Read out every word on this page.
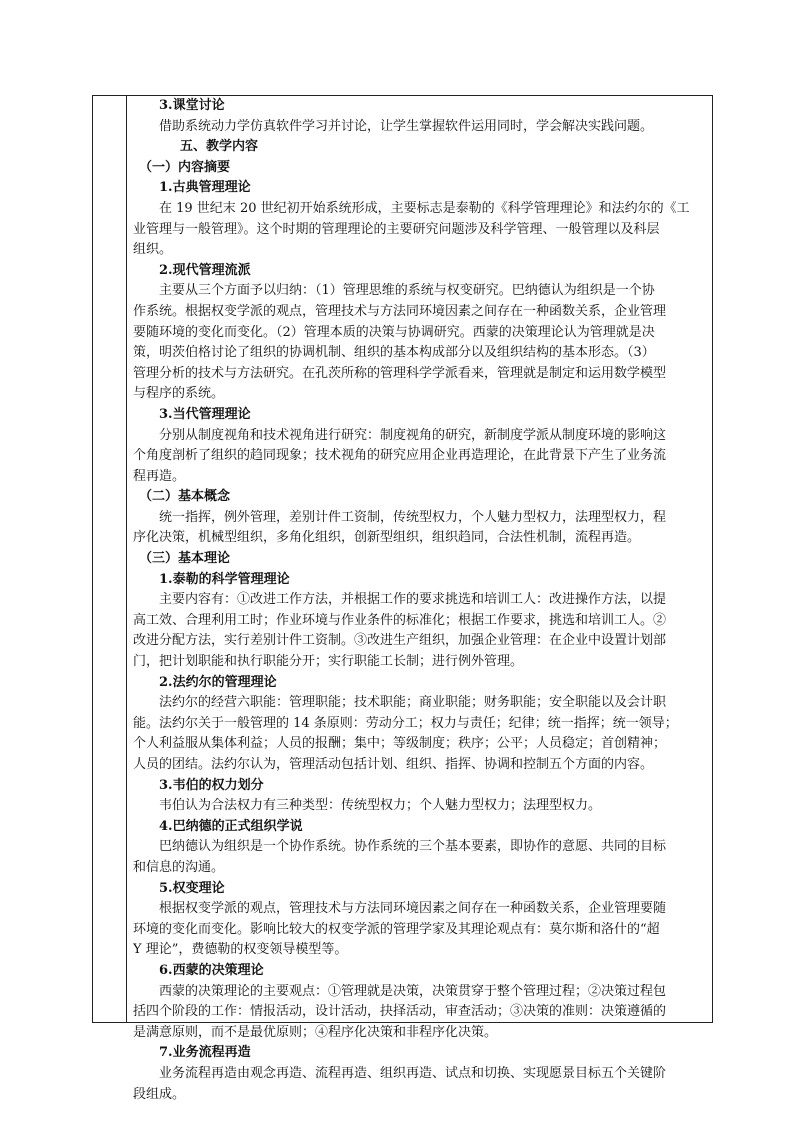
3.课堂讨论
借助系统动力学仿真软件学习并讨论，让学生掌握软件运用同时，学会解决实践问题。
五、教学内容
（一）内容摘要
1.古典管理理论
在 19 世纪末 20 世纪初开始系统形成，主要标志是泰勒的《科学管理理论》和法约尔的《工
业管理与一般管理》。这个时期的管理理论的主要研究问题涉及科学管理、一般管理以及科层
组织。
2.现代管理流派
主要从三个方面予以归纳：（1）管理思维的系统与权变研究。巴纳德认为组织是一个协
作系统。根据权变学派的观点，管理技术与方法同环境因素之间存在一种函数关系，企业管理
要随环境的变化而变化。（2）管理本质的决策与协调研究。西蒙的决策理论认为管理就是决
策，明茨伯格讨论了组织的协调机制、组织的基本构成部分以及组织结构的基本形态。（3）
管理分析的技术与方法研究。在孔茨所称的管理科学学派看来，管理就是制定和运用数学模型
与程序的系统。
3.当代管理理论
分别从制度视角和技术视角进行研究：制度视角的研究，新制度学派从制度环境的影响这
个角度剖析了组织的趋同现象；技术视角的研究应用企业再造理论，在此背景下产生了业务流
程再造。
（二）基本概念
统一指挥，例外管理，差别计件工资制，传统型权力，个人魅力型权力，法理型权力，程
序化决策，机械型组织，多角化组织，创新型组织，组织趋同，合法性机制，流程再造。
（三）基本理论
1.泰勒的科学管理理论
主要内容有：①改进工作方法，并根据工作的要求挑选和培训工人：改进操作方法，以提
高工效、合理利用工时；作业环境与作业条件的标准化；根据工作要求，挑选和培训工人。②
改进分配方法，实行差别计件工资制。③改进生产组织，加强企业管理：在企业中设置计划部
门，把计划职能和执行职能分开；实行职能工长制；进行例外管理。
2.法约尔的管理理论
法约尔的经营六职能：管理职能；技术职能；商业职能；财务职能；安全职能以及会计职
能。法约尔关于一般管理的 14 条原则：劳动分工；权力与责任；纪律；统一指挥；统一领导；
个人利益服从集体利益；人员的报酬；集中；等级制度；秩序；公平；人员稳定；首创精神；
人员的团结。法约尔认为，管理活动包括计划、组织、指挥、协调和控制五个方面的内容。
3.韦伯的权力划分
韦伯认为合法权力有三种类型：传统型权力；个人魅力型权力；法理型权力。
4.巴纳德的正式组织学说
巴纳德认为组织是一个协作系统。协作系统的三个基本要素，即协作的意愿、共同的目标
和信息的沟通。
5.权变理论
根据权变学派的观点，管理技术与方法同环境因素之间存在一种函数关系，企业管理要随
环境的变化而变化。影响比较大的权变学派的管理学家及其理论观点有：莫尔斯和洛什的“超
Y 理论”，费德勒的权变领导模型等。
6.西蒙的决策理论
西蒙的决策理论的主要观点：①管理就是决策，决策贯穿于整个管理过程；②决策过程包
括四个阶段的工作：情报活动，设计活动，抉择活动，审查活动；③决策的准则：决策遵循的
是满意原则，而不是最优原则；④程序化决策和非程序化决策。
7.业务流程再造
业务流程再造由观念再造、流程再造、组织再造、试点和切换、实现愿景目标五个关键阶
段组成。
